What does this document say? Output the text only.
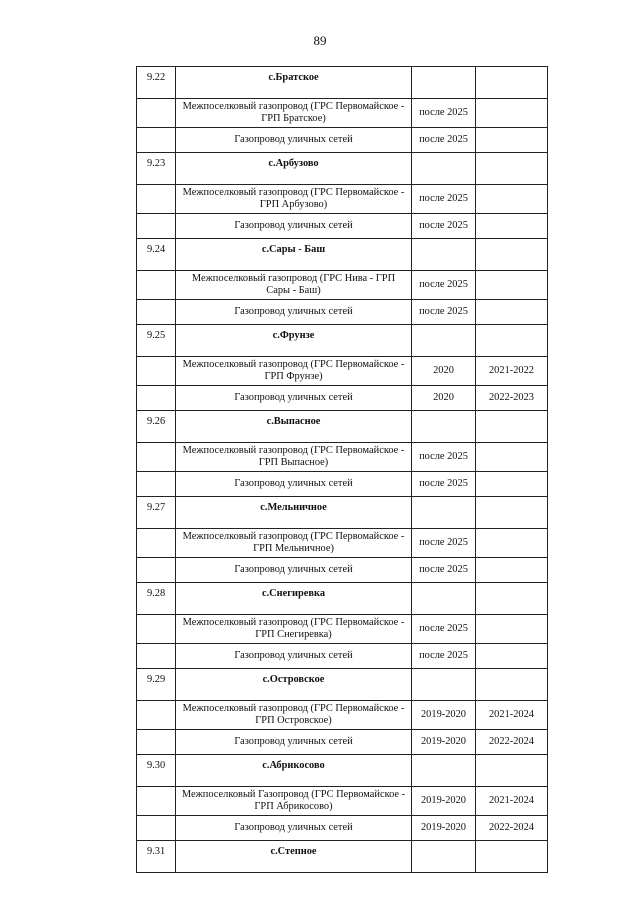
89
9.22	с.Братское		
	Межпоселковый газопровод (ГРС Первомайское - ГРП Братское)	после 2025	
	Газопровод уличных сетей	после 2025	
9.23	с.Арбузово		
	Межпоселковый газопровод (ГРС Первомайское - ГРП Арбузово)	после 2025	
	Газопровод уличных сетей	после 2025	
9.24	с.Сары - Баш		
	Межпоселковый газопровод (ГРС Нива - ГРП Сары - Баш)	после 2025	
	Газопровод уличных сетей	после 2025	
9.25	с.Фрунзе		
	Межпоселковый газопровод (ГРС Первомайское - ГРП Фрунзе)	2020	2021-2022
	Газопровод уличных сетей	2020	2022-2023
9.26	с.Выпасное		
	Межпоселковый газопровод (ГРС Первомайское - ГРП Выпасное)	после 2025	
	Газопровод уличных сетей	после 2025	
9.27	с.Мельничное		
	Межпоселковый газопровод (ГРС Первомайское - ГРП Мельничное)	после 2025	
	Газопровод уличных сетей	после 2025	
9.28	с.Снегиревка		
	Межпоселковый газопровод (ГРС Первомайское - ГРП Снегиревка)	после 2025	
	Газопровод уличных сетей	после 2025	
9.29	с.Островское		
	Межпоселковый газопровод (ГРС Первомайское - ГРП Островское)	2019-2020	2021-2024
	Газопровод уличных сетей	2019-2020	2022-2024
9.30	с.Абрикосово		
	Межпоселковый Газопровод (ГРС Первомайское - ГРП Абрикосово)	2019-2020	2021-2024
	Газопровод уличных сетей	2019-2020	2022-2024
9.31	с.Степное		
